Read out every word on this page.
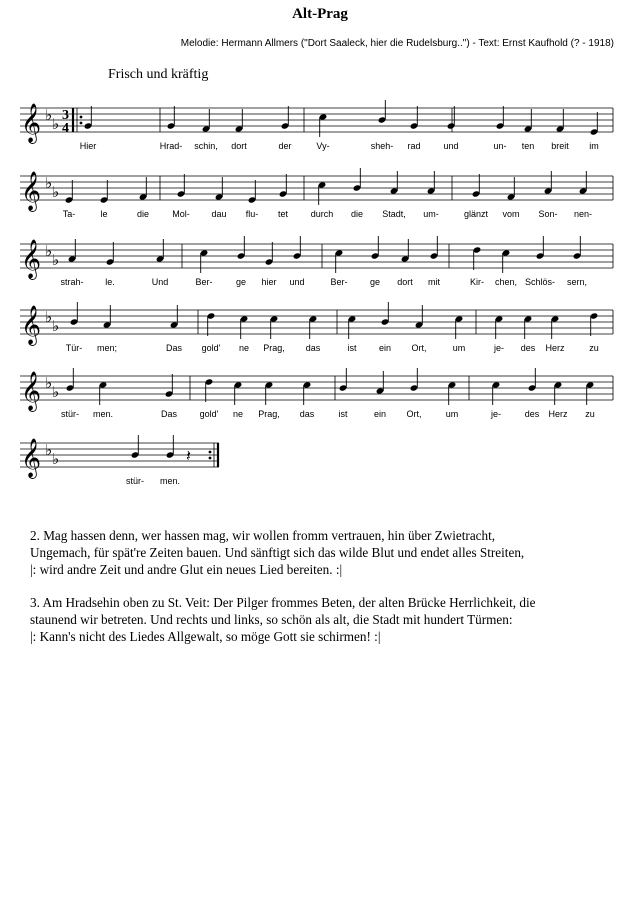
Alt-Prag
Melodie: Hermann Allmers ("Dort Saaleck, hier die Rudelsburg..") - Text: Ernst Kaufhold (? - 1918)
Frisch und kräftig
𝄞 ♭ ♭ 3
4
Hier	Hrad- schin, dort	der	Vy-	sheh- rad	und	un- ten breit im
𝄞 ♭ ♭
Ta-	le	die	Mol- dau flu- tet	durch die Stadt, um-	glänzt vom Son- nen-
𝄞 ♭ ♭
strah- le.	Und	Ber-	ge hier und	Ber- ge dort mit	Kir- chen, Schlös- sern,
𝄞 ♭ ♭
Tür- men;	Das gold' ne Prag, das	ist ein Ort,	um	je- des Herz	zu
𝄞 ♭ ♭
stür- men.	Das	gold' ne Prag, das	ist	ein Ort,	um	je-	des Herz zu
𝄞 ♭ ♭	𝄽
stür- men.
2. Mag hassen denn, wer hassen mag, wir wollen fromm vertrauen, hin über Zwietracht,
Ungemach, für spät're Zeiten bauen. Und sänftigt sich das wilde Blut und endet alles Streiten,
|: wird andre Zeit und andre Glut ein neues Lied bereiten. :|
3. Am Hradsehin oben zu St. Veit: Der Pilger frommes Beten, der alten Brücke Herrlichkeit, die
staunend wir betreten. Und rechts und links, so schön als alt, die Stadt mit hundert Türmen:
|: Kann's nicht des Liedes Allgewalt, so möge Gott sie schirmen! :|
